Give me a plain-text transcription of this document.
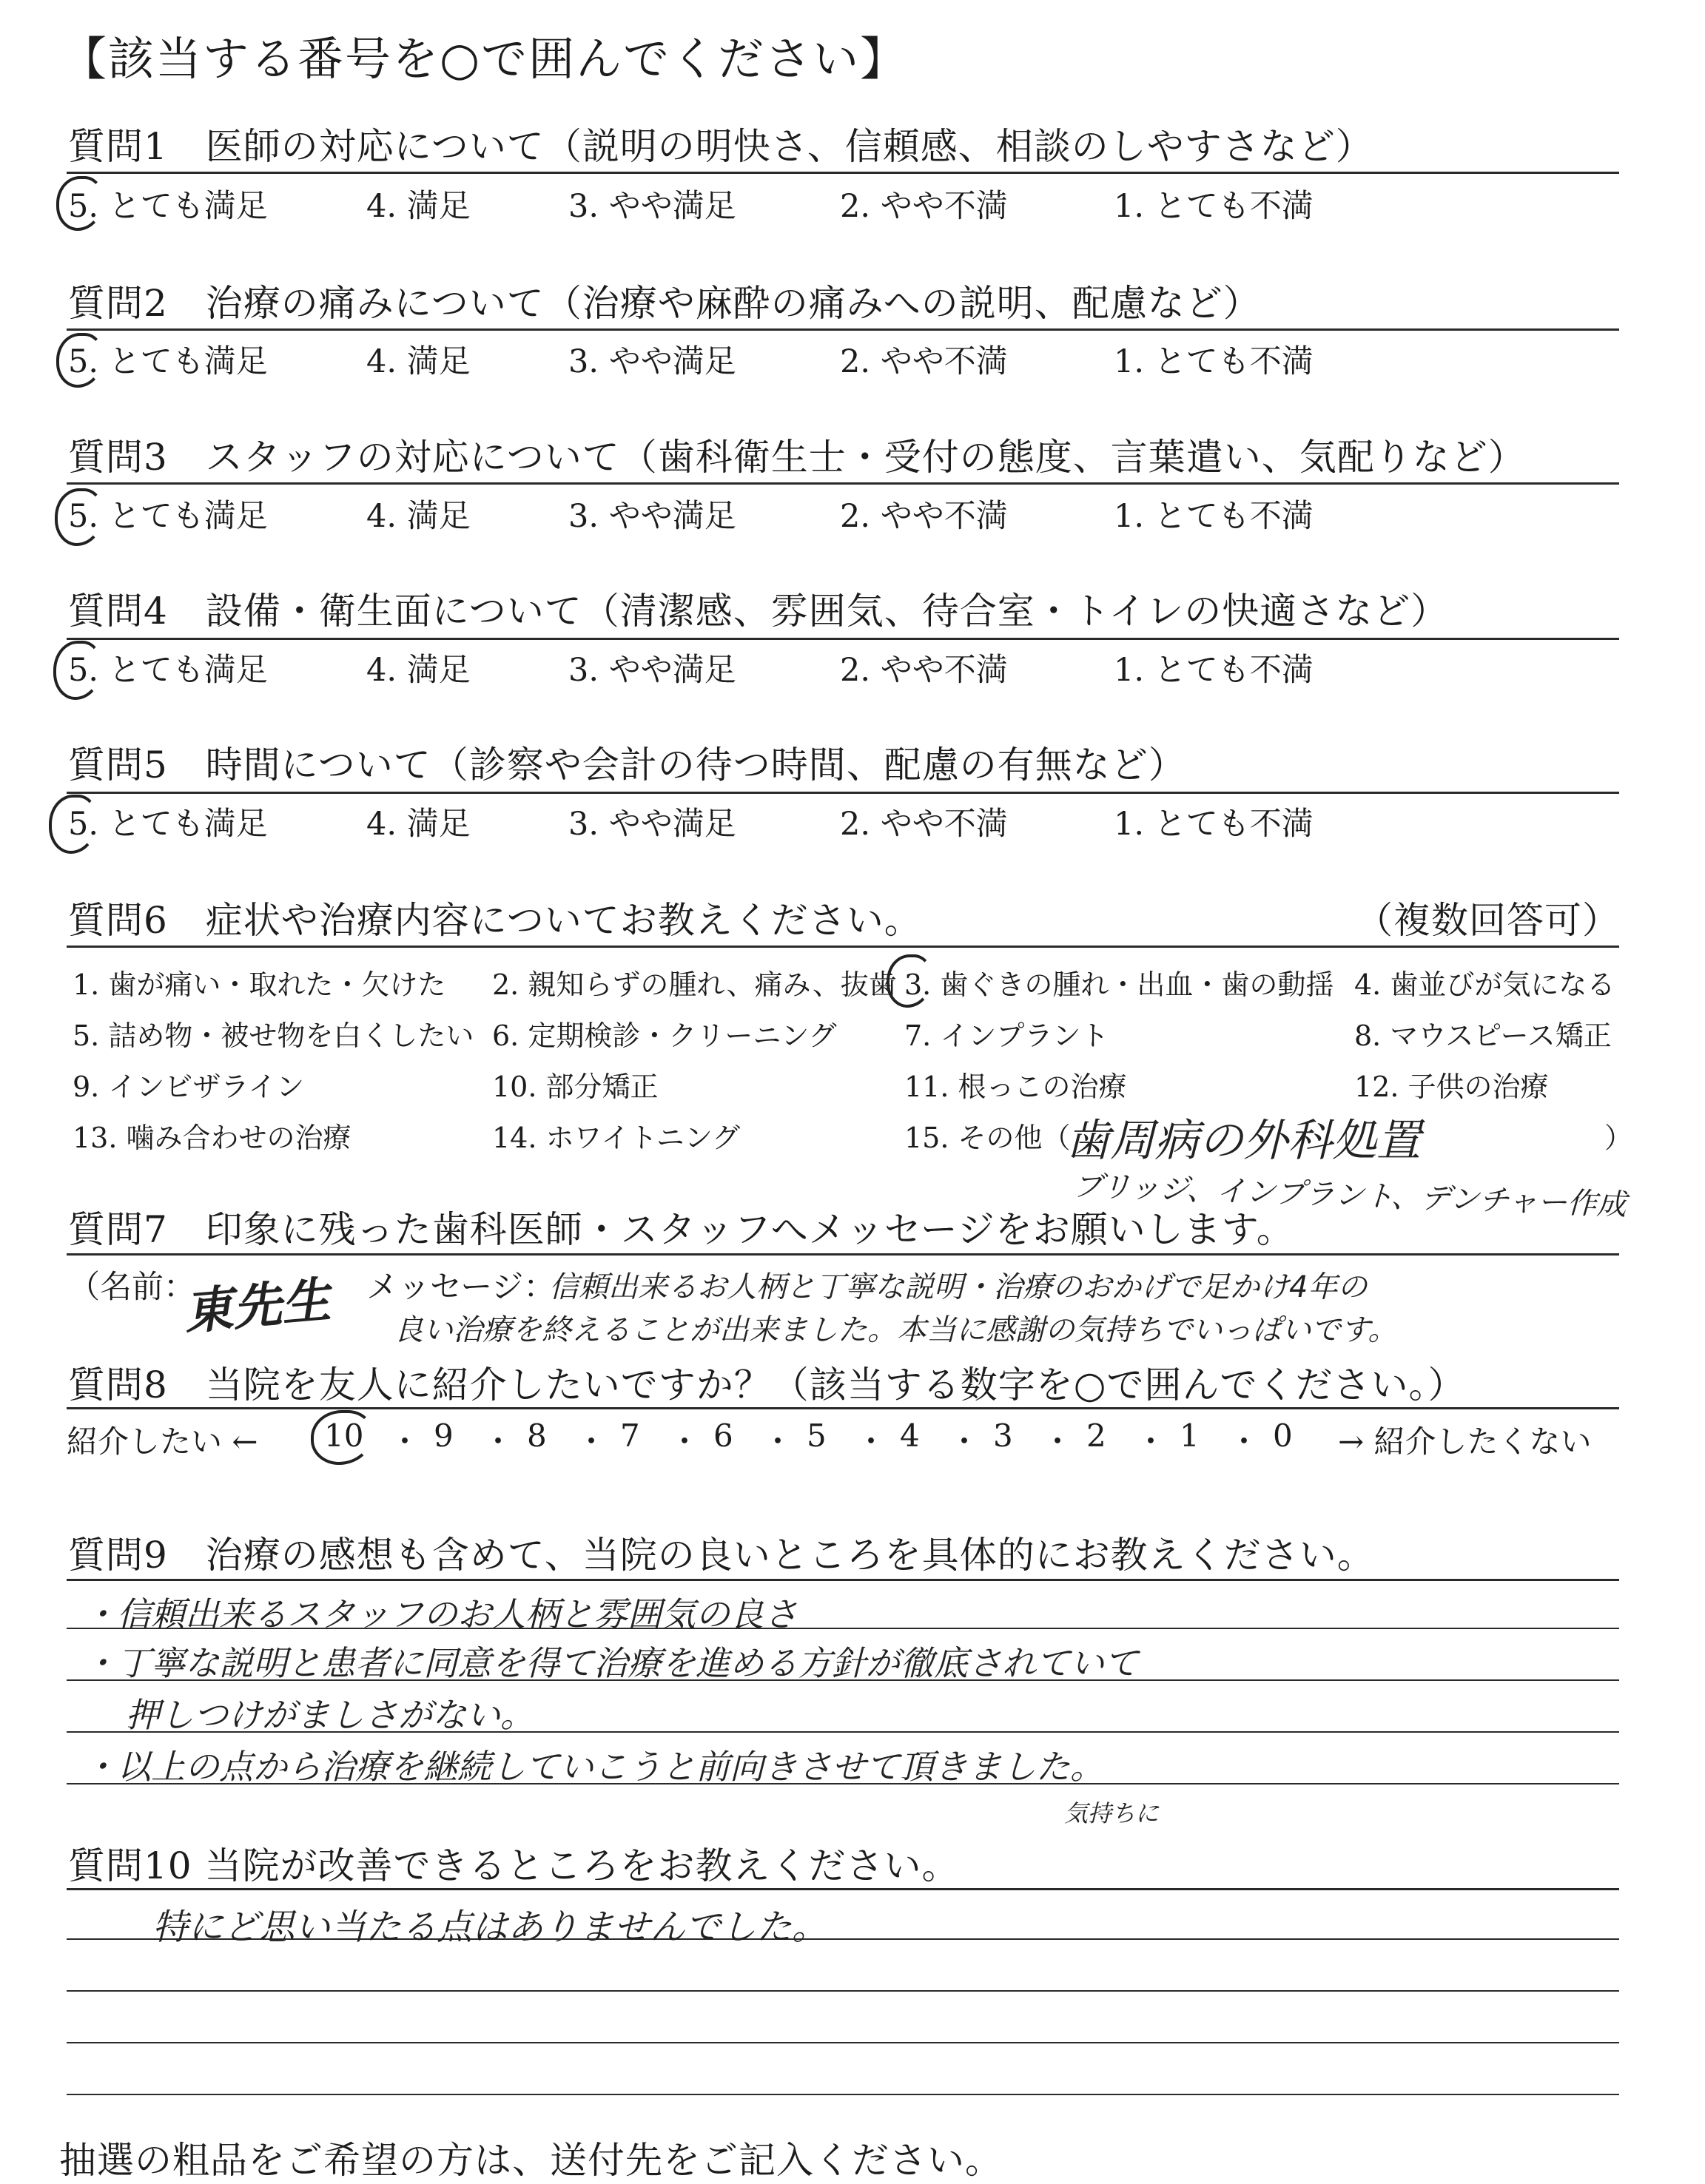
【該当する番号を○で囲んでください】
質問1　医師の対応について（説明の明快さ、信頼感、相談のしやすさなど）
5. とても満足	4. 満足	3. やや満足	2. やや不満	1. とても不満
質問2　治療の痛みについて（治療や麻酔の痛みへの説明、配慮など）
5. とても満足	4. 満足	3. やや満足	2. やや不満	1. とても不満
質問3　スタッフの対応について（歯科衛生士・受付の態度、言葉遣い、気配りなど）
5. とても満足	4. 満足	3. やや満足	2. やや不満	1. とても不満
質問4　設備・衛生面について（清潔感、雰囲気、待合室・トイレの快適さなど）
5. とても満足	4. 満足	3. やや満足	2. やや不満	1. とても不満
質問5　時間について（診察や会計の待つ時間、配慮の有無など）
5. とても満足	4. 満足	3. やや満足	2. やや不満	1. とても不満
質問6　症状や治療内容についてお教えください。	（複数回答可）
1. 歯が痛い・取れた・欠けた 2. 親知らずの腫れ、痛み、抜歯 3. 歯ぐきの腫れ・出血・歯の動揺 4. 歯並びが気になる
5. 詰め物・被せ物を白くしたい 6. 定期検診・クリーニング 7. インプラント	8. マウスピース矯正
9. インビザライン	10. 部分矯正	11. 根っこの治療	12. 子供の治療
13. 噛み合わせの治療	14. ホワイトニング	15. その他（	）
歯周病の外科処置
ブリッジ、インプラント、デンチャー作成
質問7　印象に残った歯科医師・スタッフへメッセージをお願いします。
（名前：
東先生 メッセージ：
信頼出来るお人柄と丁寧な説明・治療のおかげで足かけ4年の
良い治療を終えることが出来ました。本当に感謝の気持ちでいっぱいです。
質問8　当院を友人に紹介したいですか？（該当する数字を○で囲んでください。）
紹介したい ←	→ 紹介したくない
10 ・ 9 ・ 8 ・ 7 ・ 6 ・ 5 ・ 4 ・ 3 ・ 2 ・ 1 ・ 0
質問9　治療の感想も含めて、当院の良いところを具体的にお教えください。
・信頼出来るスタッフのお人柄と雰囲気の良さ
・丁寧な説明と患者に同意を得て治療を進める方針が徹底されていて
押しつけがましさがない。
・以上の点から治療を継続していこうと前向きさせて頂きました。
気持ちに
質問10 当院が改善できるところをお教えください。
特にど思い当たる点はありませんでした。
抽選の粗品をご希望の方は、送付先をご記入ください。
